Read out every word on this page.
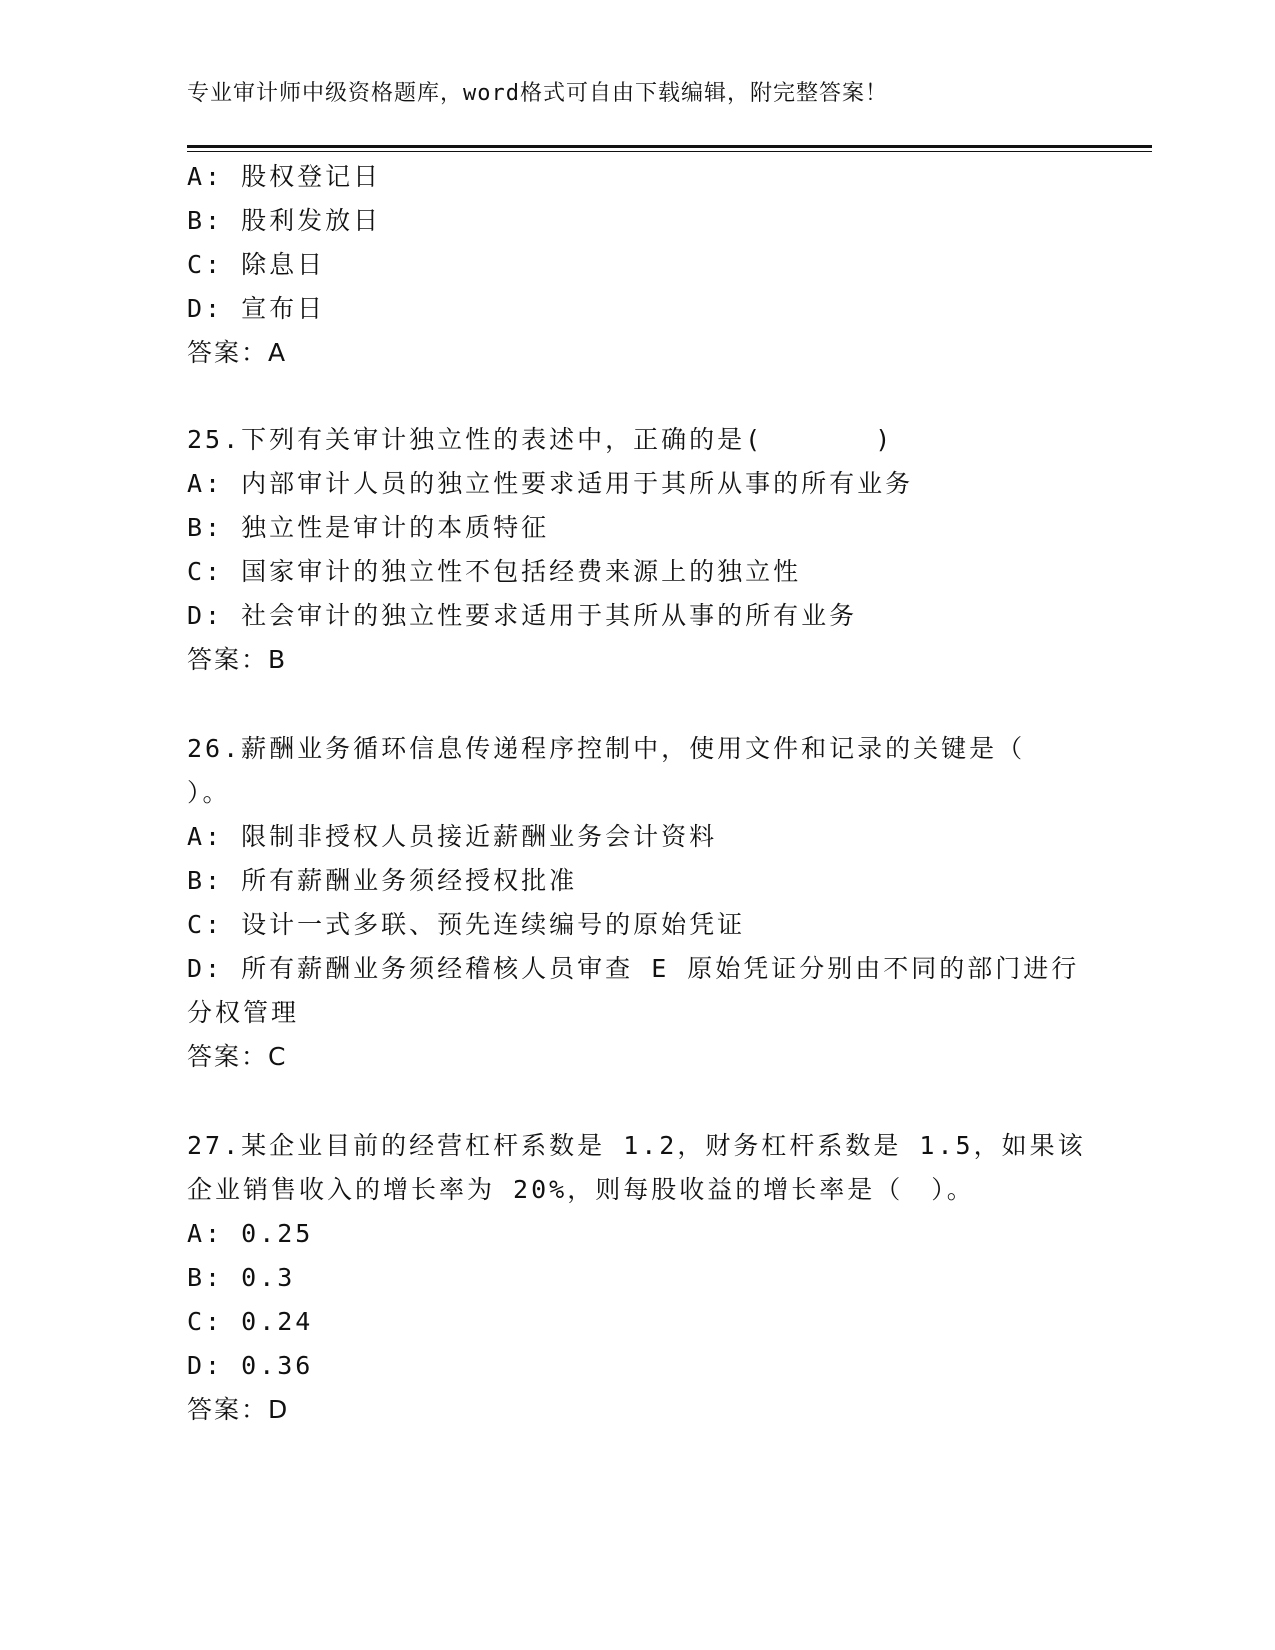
专业审计师中级资格题库，word格式可自由下载编辑，附完整答案！
A: 股权登记日
B: 股利发放日
C: 除息日
D: 宣布日
答案：A
25.下列有关审计独立性的表述中，正确的是(　　　　)
A: 内部审计人员的独立性要求适用于其所从事的所有业务
B: 独立性是审计的本质特征
C: 国家审计的独立性不包括经费来源上的独立性
D: 社会审计的独立性要求适用于其所从事的所有业务
答案：B
26.薪酬业务循环信息传递程序控制中，使用文件和记录的关键是（
）。
A: 限制非授权人员接近薪酬业务会计资料
B: 所有薪酬业务须经授权批准
C: 设计一式多联、预先连续编号的原始凭证
D: 所有薪酬业务须经稽核人员审查 E 原始凭证分别由不同的部门进行
分权管理
答案：C
27.某企业目前的经营杠杆系数是 1.2，财务杠杆系数是 1.5，如果该
企业销售收入的增长率为 20%，则每股收益的增长率是（　）。
A: 0.25
B: 0.3
C: 0.24
D: 0.36
答案：D
